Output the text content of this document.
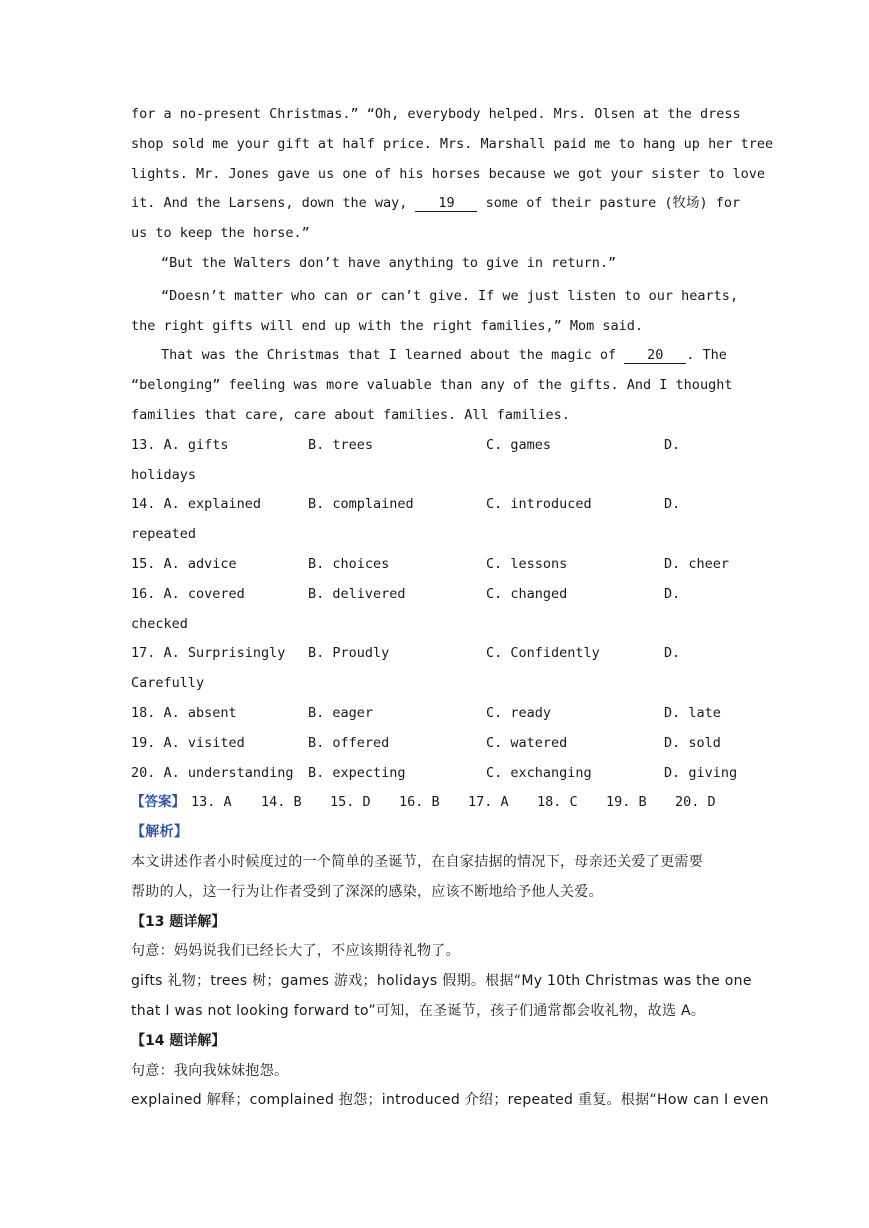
for a no-present Christmas.” “Oh, everybody helped. Mrs. Olsen at the dress
shop sold me your gift at half price. Mrs. Marshall paid me to hang up her tree
lights. Mr. Jones gave us one of his horses because we got your sister to love
it. And the Larsens, down the way, 19 some of their pasture (牧场) for
us to keep the horse.”
“But the Walters don’t have anything to give in return.”
“Doesn’t matter who can or can’t give. If we just listen to our hearts,
the right gifts will end up with the right families,” Mom said.
That was the Christmas that I learned about the magic of 20 . The
“belonging” feeling was more valuable than any of the gifts. And I thought
families that care, care about families. All families.
13. A. gifts	B. trees	C. games	D.
holidays
14. A. explained	B. complained	C. introduced	D.
repeated
15. A. advice	B. choices	C. lessons	D. cheer
16. A. covered	B. delivered	C. changed	D.
checked
17. A. Surprisingly B. Proudly	C. Confidently	D.
Carefully
18. A. absent	B. eager	C. ready	D. late
19. A. visited	B. offered	C. watered	D. sold
20. A. understanding B. expecting	C. exchanging	D. giving
【答案】 13. A 14. B 15. D 16. B 17. A 18. C 19. B 20. D
【解析】
本文讲述作者小时候度过的一个简单的圣诞节，在自家拮据的情况下，母亲还关爱了更需要
帮助的人，这一行为让作者受到了深深的感染，应该不断地给予他人关爱。
【13 题详解】
句意：妈妈说我们已经长大了，不应该期待礼物了。
gifts 礼物；trees 树；games 游戏；holidays 假期。根据“My 10th Christmas was the one
that I was not looking forward to”可知，在圣诞节，孩子们通常都会收礼物，故选 A。
【14 题详解】
句意：我向我妹妹抱怨。
explained 解释；complained 抱怨；introduced 介绍；repeated 重复。根据“How can I even
